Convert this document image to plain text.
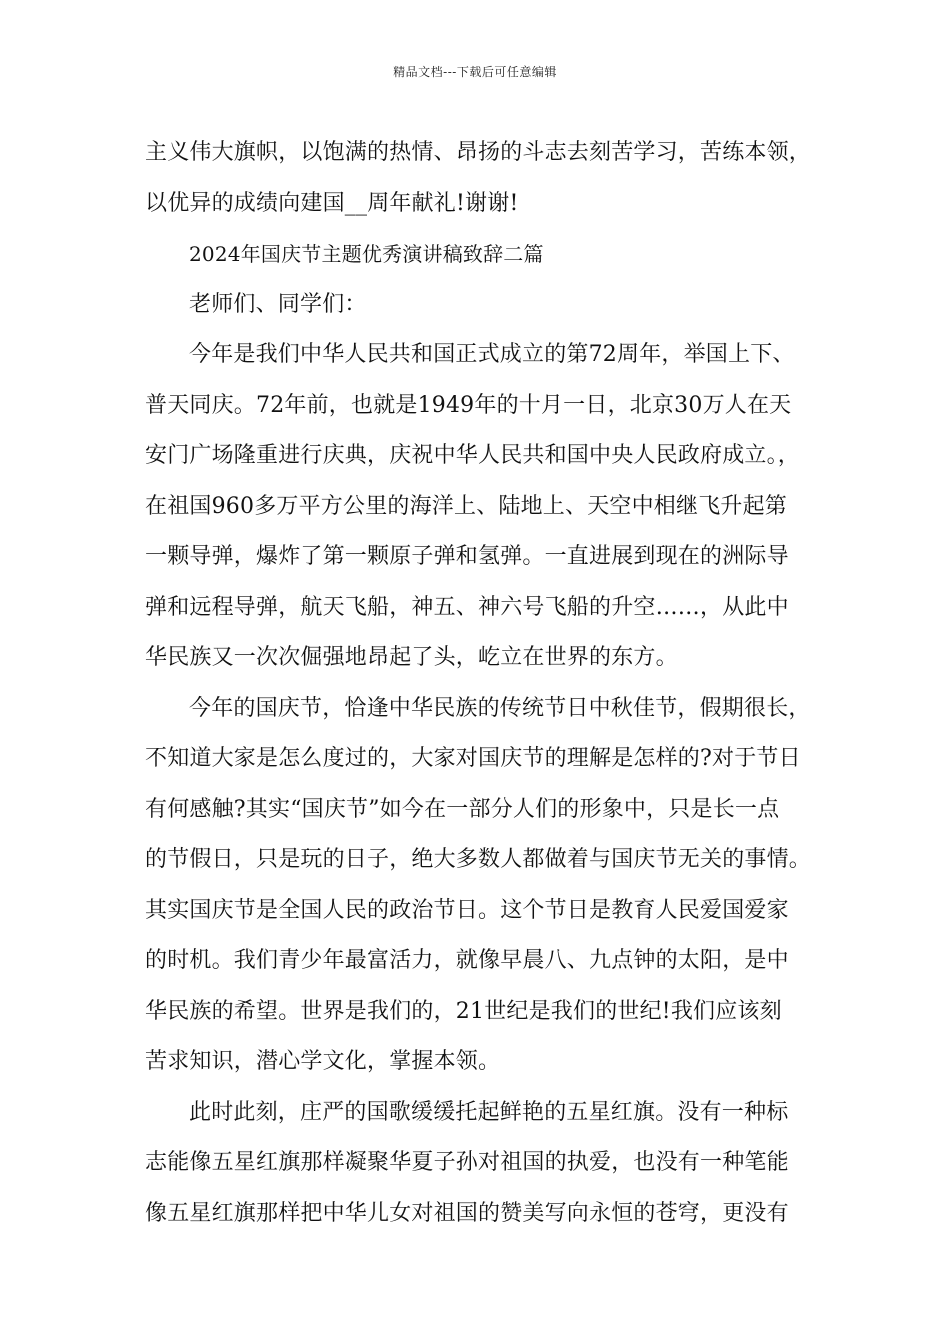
精品文档---下载后可任意编辑
主义伟大旗帜，以饱满的热情、昂扬的斗志去刻苦学习，苦练本领，
以优异的成绩向建国__周年献礼!谢谢!
2024年国庆节主题优秀演讲稿致辞二篇
老师们、同学们：
今年是我们中华人民共和国正式成立的第72周年，举国上下、
普天同庆。72年前，也就是1949年的十月一日，北京30万人在天
安门广场隆重进行庆典，庆祝中华人民共和国中央人民政府成立。，
在祖国960多万平方公里的海洋上、陆地上、天空中相继飞升起第
一颗导弹，爆炸了第一颗原子弹和氢弹。一直进展到现在的洲际导
弹和远程导弹，航天飞船，神五、神六号飞船的升空……，从此中
华民族又一次次倔强地昂起了头，屹立在世界的东方。
今年的国庆节，恰逢中华民族的传统节日中秋佳节，假期很长，
不知道大家是怎么度过的，大家对国庆节的理解是怎样的?对于节日
有何感触?其实“国庆节”如今在一部分人们的形象中，只是长一点
的节假日，只是玩的日子，绝大多数人都做着与国庆节无关的事情。
其实国庆节是全国人民的政治节日。这个节日是教育人民爱国爱家
的时机。我们青少年最富活力，就像早晨八、九点钟的太阳，是中
华民族的希望。世界是我们的，21世纪是我们的世纪!我们应该刻
苦求知识，潜心学文化，掌握本领。
此时此刻，庄严的国歌缓缓托起鲜艳的五星红旗。没有一种标
志能像五星红旗那样凝聚华夏子孙对祖国的执爱，也没有一种笔能
像五星红旗那样把中华儿女对祖国的赞美写向永恒的苍穹，更没有
